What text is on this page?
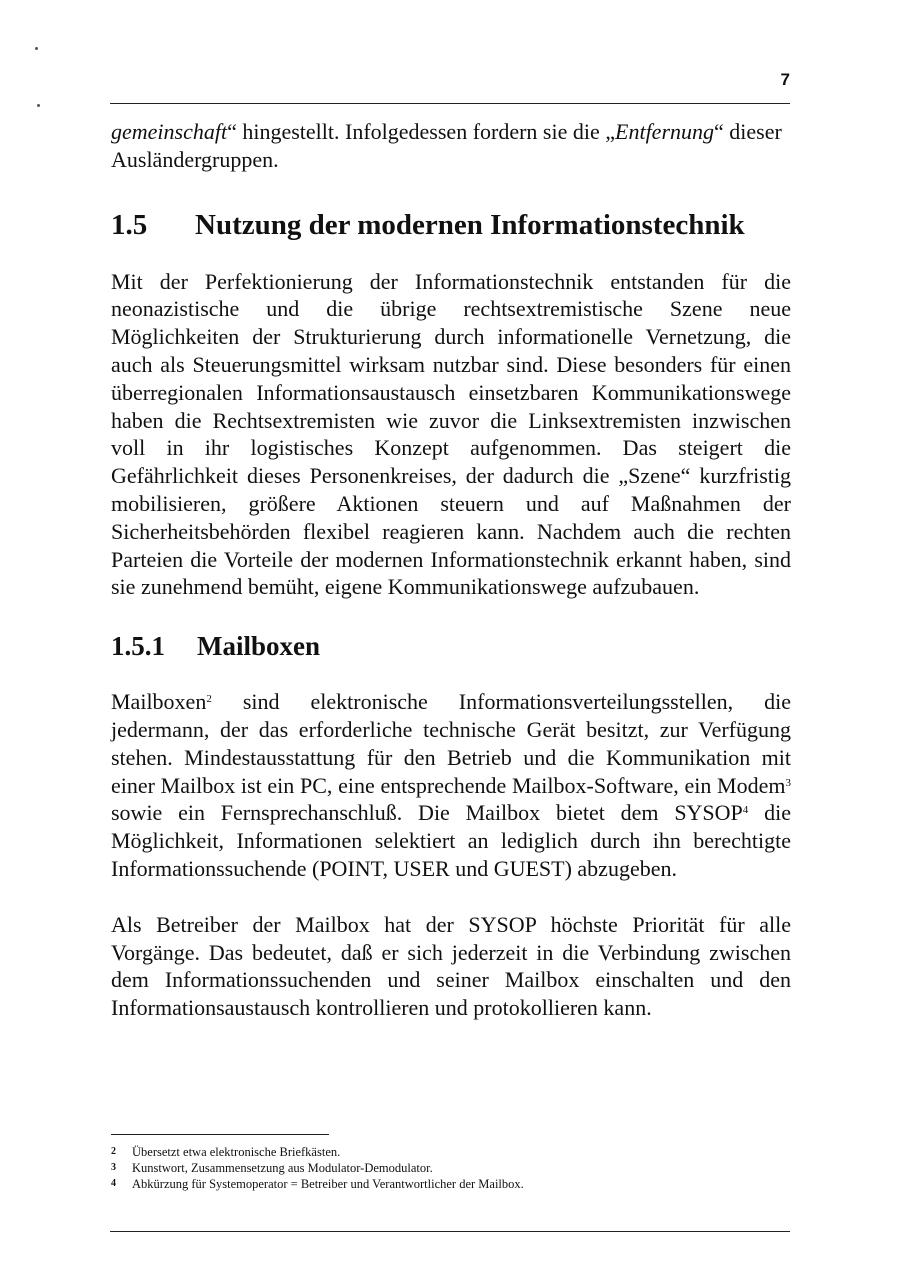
7

gemeinschaft“ hingestellt. Infolgedessen fordern sie die „Entfernung“ dieser Ausländergruppen.

1.5	Nutzung der modernen Informationstechnik

Mit der Perfektionierung der Informationstechnik entstanden für die neonazistische und die übrige rechtsextremistische Szene neue Möglichkeiten der Strukturierung durch informationelle Vernetzung, die auch als Steuerungsmittel wirksam nutzbar sind. Diese besonders für einen überregionalen Informationsaustausch einsetzbaren Kommunikationswege haben die Rechtsextremisten wie zuvor die Linksextremisten inzwischen voll in ihr logistisches Konzept aufgenommen. Das steigert die Gefährlichkeit dieses Personenkreises, der dadurch die „Szene“ kurzfristig mobilisieren, größere Aktionen steuern und auf Maßnahmen der Sicherheitsbehörden flexibel reagieren kann. Nachdem auch die rechten Parteien die Vorteile der modernen Informationstechnik erkannt haben, sind sie zunehmend bemüht, eigene Kommunikationswege aufzubauen.

1.5.1	Mailboxen

Mailboxen$^2$ sind elektronische Informationsverteilungsstellen, die jedermann, der das erforderliche technische Gerät besitzt, zur Verfügung stehen. Mindestausstattung für den Betrieb und die Kommunikation mit einer Mailbox ist ein PC, eine entsprechende Mailbox-Software, ein Modem$^3$ sowie ein Fernsprechanschluß. Die Mailbox bietet dem SYSOP$^4$ die Möglichkeit, Informationen selektiert an lediglich durch ihn berechtigte Informationssuchende (POINT, USER und GUEST) abzugeben.

Als Betreiber der Mailbox hat der SYSOP höchste Priorität für alle Vorgänge. Das bedeutet, daß er sich jederzeit in die Verbindung zwischen dem Informationssuchenden und seiner Mailbox einschalten und den Informationsaustausch kontrollieren und protokollieren kann.

2	Übersetzt etwa elektronische Briefkästen.
3	Kunstwort, Zusammensetzung aus Modulator-Demodulator.
4	Abkürzung für Systemoperator = Betreiber und Verantwortlicher der Mailbox.
